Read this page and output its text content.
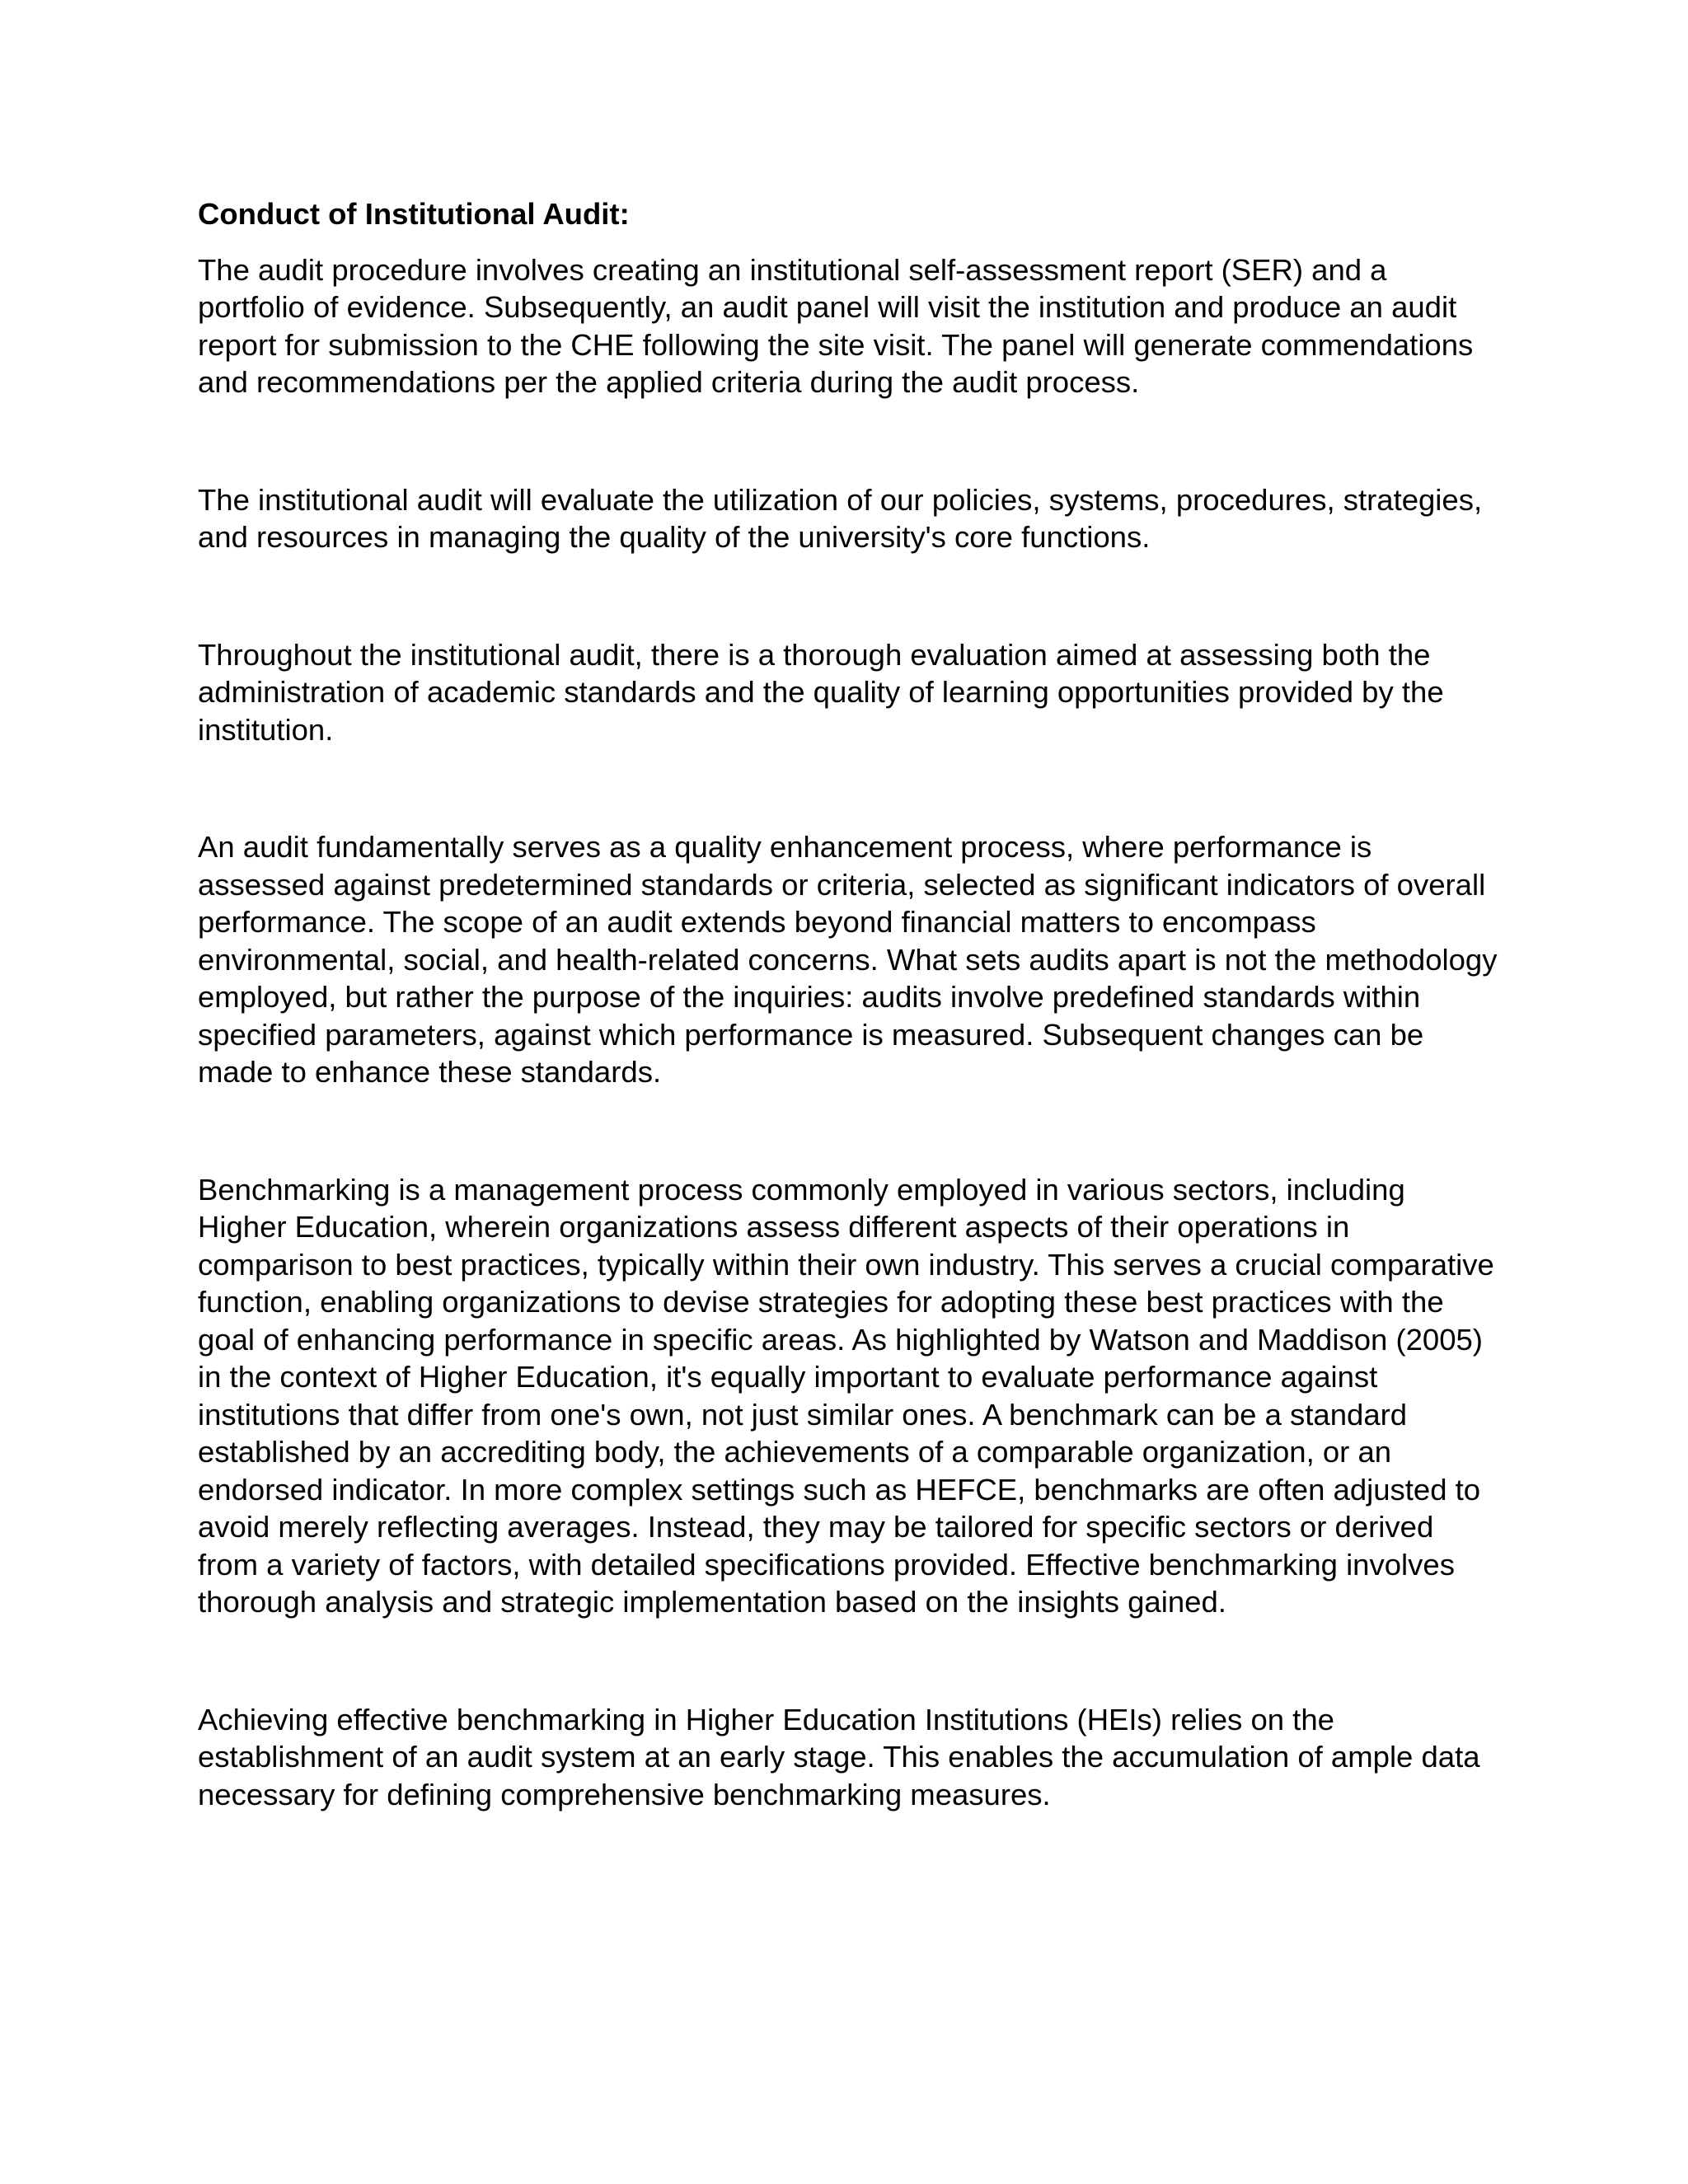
Conduct of Institutional Audit:

The audit procedure involves creating an institutional self-assessment report (SER) and a portfolio of evidence. Subsequently, an audit panel will visit the institution and produce an audit report for submission to the CHE following the site visit. The panel will generate commendations and recommendations per the applied criteria during the audit process.

The institutional audit will evaluate the utilization of our policies, systems, procedures, strategies, and resources in managing the quality of the university's core functions.

Throughout the institutional audit, there is a thorough evaluation aimed at assessing both the administration of academic standards and the quality of learning opportunities provided by the institution.

An audit fundamentally serves as a quality enhancement process, where performance is assessed against predetermined standards or criteria, selected as significant indicators of overall performance. The scope of an audit extends beyond financial matters to encompass environmental, social, and health-related concerns. What sets audits apart is not the methodology employed, but rather the purpose of the inquiries: audits involve predefined standards within specified parameters, against which performance is measured. Subsequent changes can be made to enhance these standards.

Benchmarking is a management process commonly employed in various sectors, including Higher Education, wherein organizations assess different aspects of their operations in comparison to best practices, typically within their own industry. This serves a crucial comparative function, enabling organizations to devise strategies for adopting these best practices with the goal of enhancing performance in specific areas. As highlighted by Watson and Maddison (2005) in the context of Higher Education, it's equally important to evaluate performance against institutions that differ from one's own, not just similar ones. A benchmark can be a standard established by an accrediting body, the achievements of a comparable organization, or an endorsed indicator. In more complex settings such as HEFCE, benchmarks are often adjusted to avoid merely reflecting averages. Instead, they may be tailored for specific sectors or derived from a variety of factors, with detailed specifications provided. Effective benchmarking involves thorough analysis and strategic implementation based on the insights gained.

Achieving effective benchmarking in Higher Education Institutions (HEIs) relies on the establishment of an audit system at an early stage. This enables the accumulation of ample data necessary for defining comprehensive benchmarking measures.
